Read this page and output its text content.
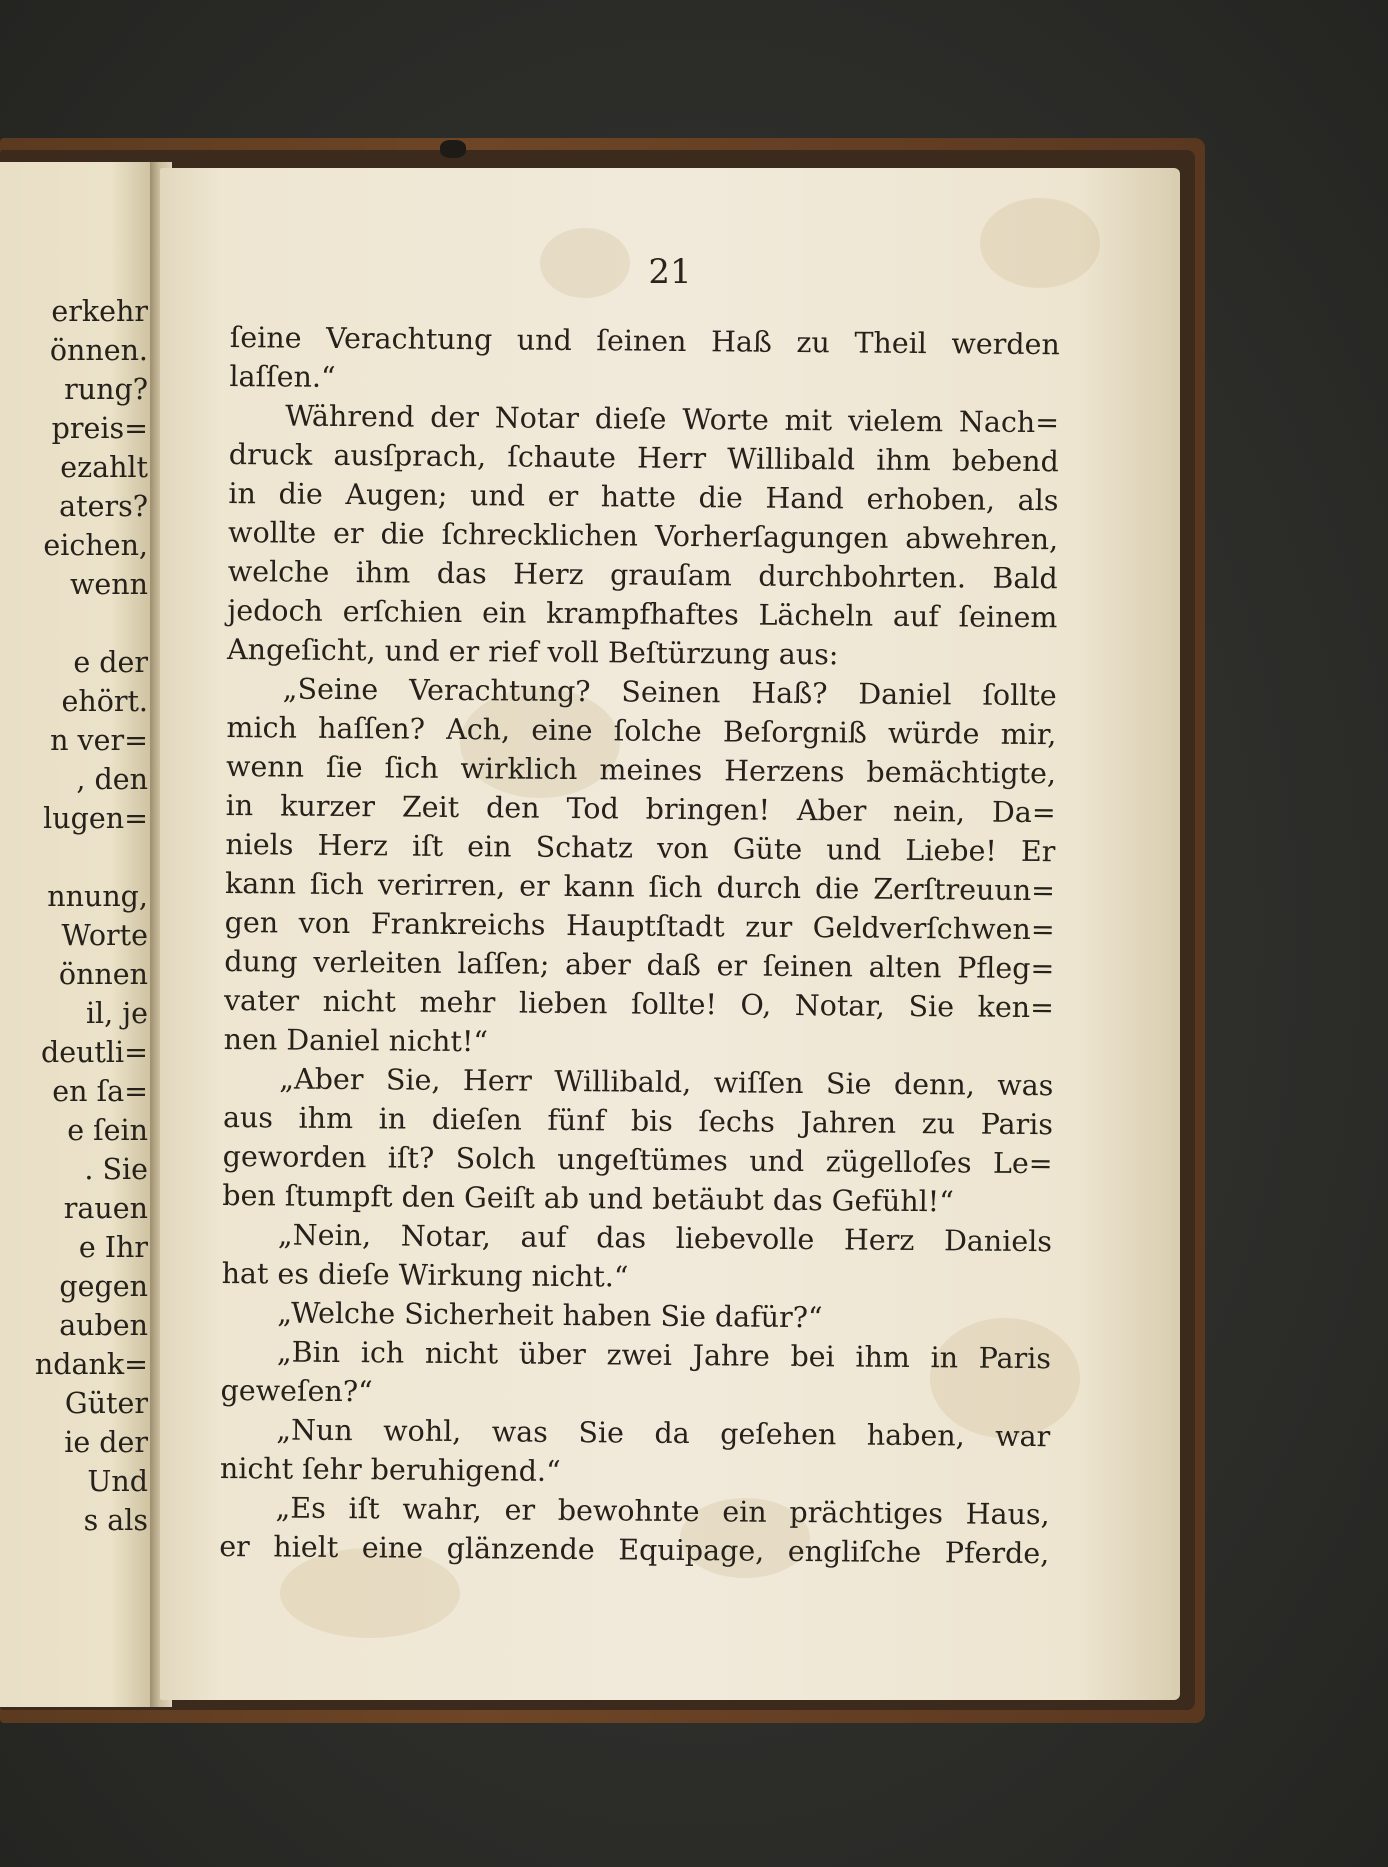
erkehr
önnen.
rung?
preis=
ezahlt
aters?
eichen,
wenn
e der
ehört.
n ver=
, den
lugen=
nnung,
Worte
önnen
il, je
deutli=
en ſa=
e ſein
. Sie
rauen
e Ihr
gegen
auben
ndank=
Güter
ie der
Und
s als
21
ſeine Verachtung und ſeinen Haß zu Theil werden
laſſen.“
Während der Notar dieſe Worte mit vielem Nach=
druck ausſprach, ſchaute Herr Willibald ihm bebend
in die Augen; und er hatte die Hand erhoben, als
wollte er die ſchrecklichen Vorherſagungen abwehren,
welche ihm das Herz grauſam durchbohrten. Bald
jedoch erſchien ein krampfhaftes Lächeln auf ſeinem
Angeſicht, und er rief voll Beſtürzung aus:
„Seine Verachtung? Seinen Haß? Daniel ſollte
mich haſſen? Ach, eine ſolche Beſorgniß würde mir,
wenn ſie ſich wirklich meines Herzens bemächtigte,
in kurzer Zeit den Tod bringen! Aber nein, Da=
niels Herz iſt ein Schatz von Güte und Liebe! Er
kann ſich verirren, er kann ſich durch die Zerſtreuun=
gen von Frankreichs Hauptſtadt zur Geldverſchwen=
dung verleiten laſſen; aber daß er ſeinen alten Pfleg=
vater nicht mehr lieben ſollte! O, Notar, Sie ken=
nen Daniel nicht!“
„Aber Sie, Herr Willibald, wiſſen Sie denn, was
aus ihm in dieſen fünf bis ſechs Jahren zu Paris
geworden iſt? Solch ungeſtümes und zügelloſes Le=
ben ſtumpft den Geiſt ab und betäubt das Gefühl!“
„Nein, Notar, auf das liebevolle Herz Daniels
hat es dieſe Wirkung nicht.“
„Welche Sicherheit haben Sie dafür?“
„Bin ich nicht über zwei Jahre bei ihm in Paris
geweſen?“
„Nun wohl, was Sie da geſehen haben, war
nicht ſehr beruhigend.“
„Es iſt wahr, er bewohnte ein prächtiges Haus,
er hielt eine glänzende Equipage, engliſche Pferde,
